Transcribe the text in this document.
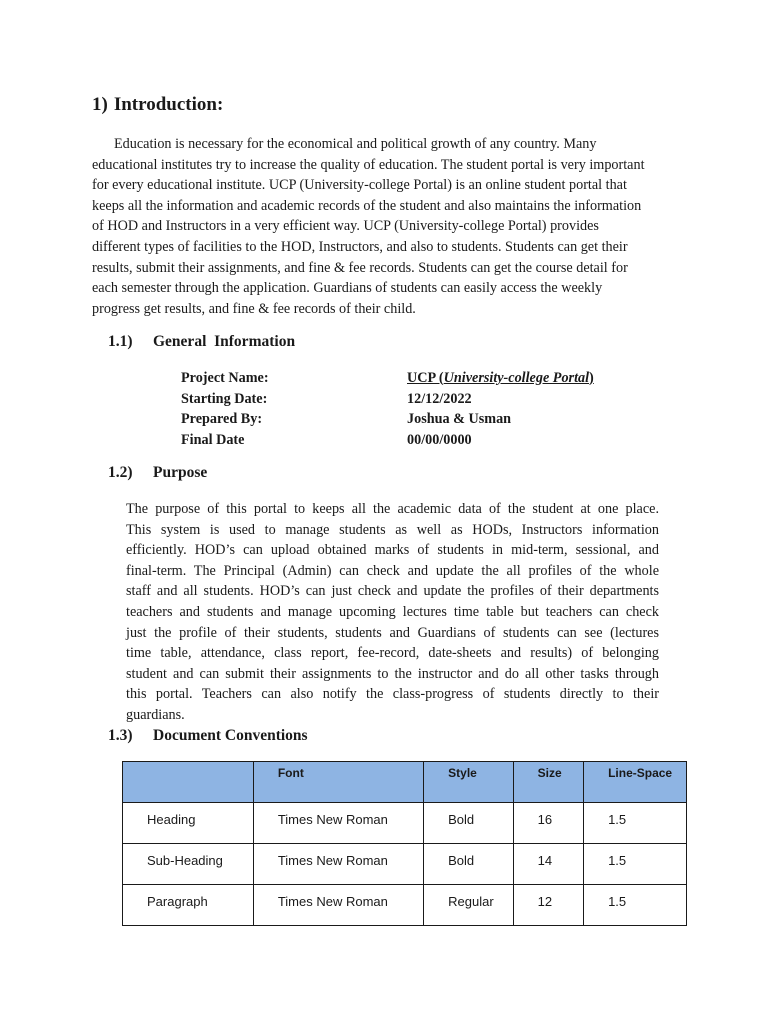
1) Introduction:
Education is necessary for the economical and political growth of any country. Many
educational institutes try to increase the quality of education. The student portal is very important
for every educational institute. UCP (University-college Portal) is an online student portal that
keeps all the information and academic records of the student and also maintains the information
of HOD and Instructors in a very efficient way. UCP (University-college Portal) provides
different types of facilities to the HOD, Instructors, and also to students. Students can get their
results, submit their assignments, and fine & fee records. Students can get the course detail for
each semester through the application. Guardians of students can easily access the weekly
progress get results, and fine & fee records of their child.
1.1) General  Information
Project Name:	UCP (University-college Portal)
Starting Date:	12/12/2022
Prepared By:	Joshua & Usman
Final Date	00/00/0000
1.2) Purpose
The purpose of this portal to keeps all the academic data of the student at one place.
This system is used to manage students as well as HODs, Instructors information
efficiently. HOD’s can upload obtained marks of students in mid-term, sessional, and
final-term. The Principal (Admin) can check and update the all profiles of the whole
staff and all students. HOD’s can just check and update the profiles of their departments
teachers and students and manage upcoming lectures time table but teachers can check
just the profile of their students, students and Guardians of students can see (lectures
time table, attendance, class report, fee-record, date-sheets and results) of belonging
student and can submit their assignments to the instructor and do all other tasks through
this portal. Teachers can also notify the class-progress of students directly to their
guardians.
1.3) Document Conventions

	Font	Style	Size	Line-Space

Heading	Times New Roman	Bold	16	1.5

Sub-Heading	Times New Roman	Bold	14	1.5

Paragraph	Times New Roman	Regular	12	1.5
